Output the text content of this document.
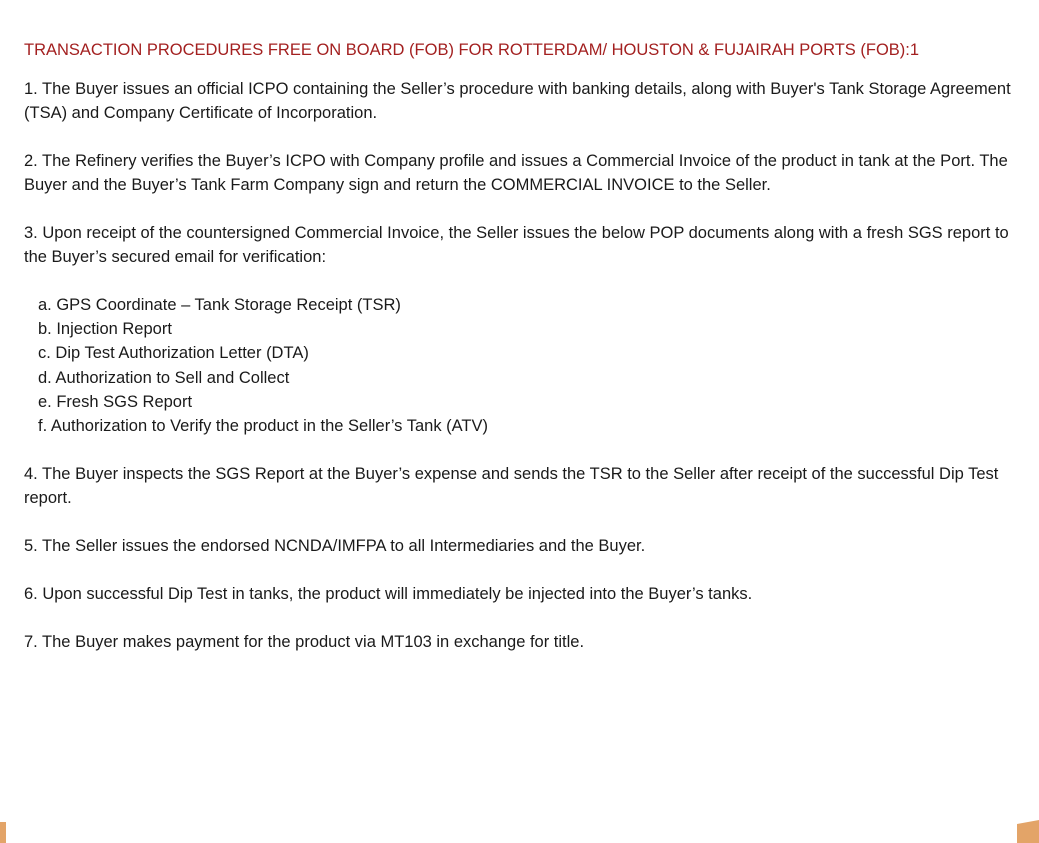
TRANSACTION PROCEDURES FREE ON BOARD (FOB) FOR ROTTERDAM/ HOUSTON & FUJAIRAH PORTS (FOB):1
1. The Buyer issues an official ICPO containing the Seller’s procedure with banking details, along with Buyer's Tank Storage Agreement (TSA) and Company Certificate of Incorporation.
2. The Refinery verifies the Buyer’s ICPO with Company profile and issues a Commercial Invoice of the product in tank at the Port. The Buyer and the Buyer’s Tank Farm Company sign and return the COMMERCIAL INVOICE to the Seller.
3. Upon receipt of the countersigned Commercial Invoice, the Seller issues the below POP documents along with a fresh SGS report to the Buyer’s secured email for verification:
a. GPS Coordinate – Tank Storage Receipt (TSR)
b. Injection Report
c. Dip Test Authorization Letter (DTA)
d. Authorization to Sell and Collect
e. Fresh SGS Report
f. Authorization to Verify the product in the Seller’s Tank (ATV)
4. The Buyer inspects the SGS Report at the Buyer’s expense and sends the TSR to the Seller after receipt of the successful Dip Test report.
5. The Seller issues the endorsed NCNDA/IMFPA to all Intermediaries and the Buyer.
6. Upon successful Dip Test in tanks, the product will immediately be injected into the Buyer’s tanks.
7. The Buyer makes payment for the product via MT103 in exchange for title.
